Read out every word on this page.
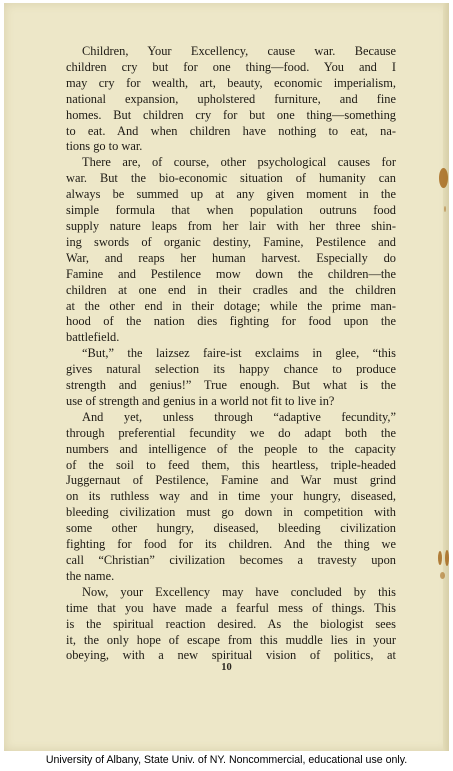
Children, Your Excellency, cause war. Because
children cry but for one thing—food. You and I
may cry for wealth, art, beauty, economic imperialism,
national expansion, upholstered furniture, and fine
homes. But children cry for but one thing—something
to eat. And when children have nothing to eat, na-
tions go to war.
There are, of course, other psychological causes for
war. But the bio-economic situation of humanity can
always be summed up at any given moment in the
simple formula that when population outruns food
supply nature leaps from her lair with her three shin-
ing swords of organic destiny, Famine, Pestilence and
War, and reaps her human harvest. Especially do
Famine and Pestilence mow down the children—the
children at one end in their cradles and the children
at the other end in their dotage; while the prime man-
hood of the nation dies fighting for food upon the
battlefield.
“But,” the laizsez faire-ist exclaims in glee, “this
gives natural selection its happy chance to produce
strength and genius!” True enough. But what is the
use of strength and genius in a world not fit to live in?
And yet, unless through “adaptive fecundity,”
through preferential fecundity we do adapt both the
numbers and intelligence of the people to the capacity
of the soil to feed them, this heartless, triple-headed
Juggernaut of Pestilence, Famine and War must grind
on its ruthless way and in time your hungry, diseased,
bleeding civilization must go down in competition with
some other hungry, diseased, bleeding civilization
fighting for food for its children. And the thing we
call “Christian” civilization becomes a travesty upon
the name.
Now, your Excellency may have concluded by this
time that you have made a fearful mess of things. This
is the spiritual reaction desired. As the biologist sees
it, the only hope of escape from this muddle lies in your
obeying, with a new spiritual vision of politics, at
10
University of Albany, State Univ. of NY. Noncommercial, educational use only.
